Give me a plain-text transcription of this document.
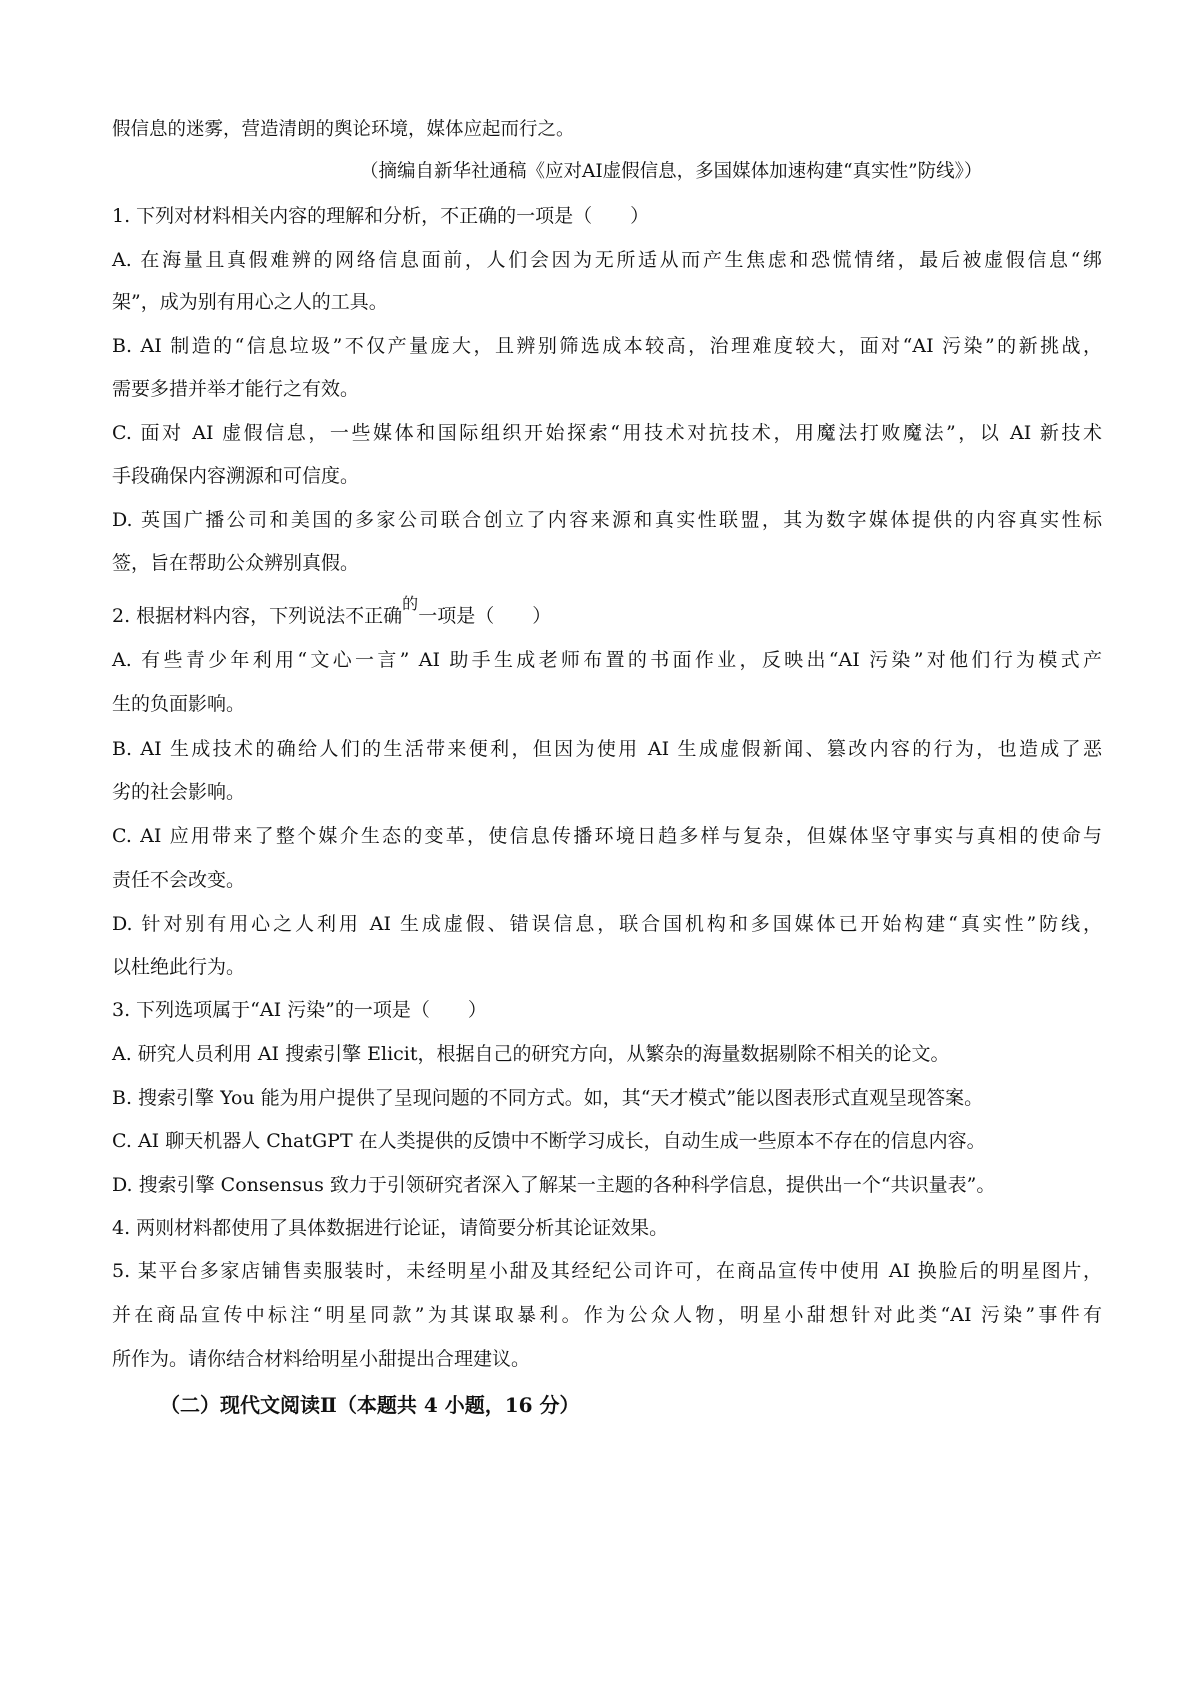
假信息的迷雾，营造清朗的舆论环境，媒体应起而行之。
（摘编自新华社通稿《应对AI虚假信息，多国媒体加速构建“真实性”防线》）
1. 下列对材料相关内容的理解和分析，不正确的一项是（　　）
A. 在海量且真假难辨的网络信息面前，人们会因为无所适从而产生焦虑和恐慌情绪，最后被虚假信息“绑
架”，成为别有用心之人的工具。
B. AI 制造的“信息垃圾”不仅产量庞大，且辨别筛选成本较高，治理难度较大，面对“AI 污染”的新挑战，
需要多措并举才能行之有效。
C. 面对 AI 虚假信息，一些媒体和国际组织开始探索“用技术对抗技术，用魔法打败魔法”，以 AI 新技术
手段确保内容溯源和可信度。
D. 英国广播公司和美国的多家公司联合创立了内容来源和真实性联盟，其为数字媒体提供的内容真实性标
签，旨在帮助公众辨别真假。
2. 根据材料内容，下列说法不正确$^的$一项是（　　）
A. 有些青少年利用“文心一言” AI 助手生成老师布置的书面作业，反映出“AI 污染”对他们行为模式产
生的负面影响。
B. AI 生成技术的确给人们的生活带来便利，但因为使用 AI 生成虚假新闻、篡改内容的行为，也造成了恶
劣的社会影响。
C. AI 应用带来了整个媒介生态的变革，使信息传播环境日趋多样与复杂，但媒体坚守事实与真相的使命与
责任不会改变。
D. 针对别有用心之人利用 AI 生成虚假、错误信息，联合国机构和多国媒体已开始构建“真实性”防线，
以杜绝此行为。
3. 下列选项属于“AI 污染”的一项是（　　）
A. 研究人员利用 AI 搜索引擎 Elicit，根据自己的研究方向，从繁杂的海量数据剔除不相关的论文。
B. 搜索引擎 You 能为用户提供了呈现问题的不同方式。如，其“天才模式”能以图表形式直观呈现答案。
C. AI 聊天机器人 ChatGPT 在人类提供的反馈中不断学习成长，自动生成一些原本不存在的信息内容。
D. 搜索引擎 Consensus 致力于引领研究者深入了解某一主题的各种科学信息，提供出一个“共识量表”。
4. 两则材料都使用了具体数据进行论证，请简要分析其论证效果。
5. 某平台多家店铺售卖服装时，未经明星小甜及其经纪公司许可，在商品宣传中使用 AI 换脸后的明星图片，
并在商品宣传中标注“明星同款”为其谋取暴利。作为公众人物，明星小甜想针对此类“AI 污染”事件有
所作为。请你结合材料给明星小甜提出合理建议。
（二）现代文阅读Ⅱ（本题共 4 小题，16 分）
